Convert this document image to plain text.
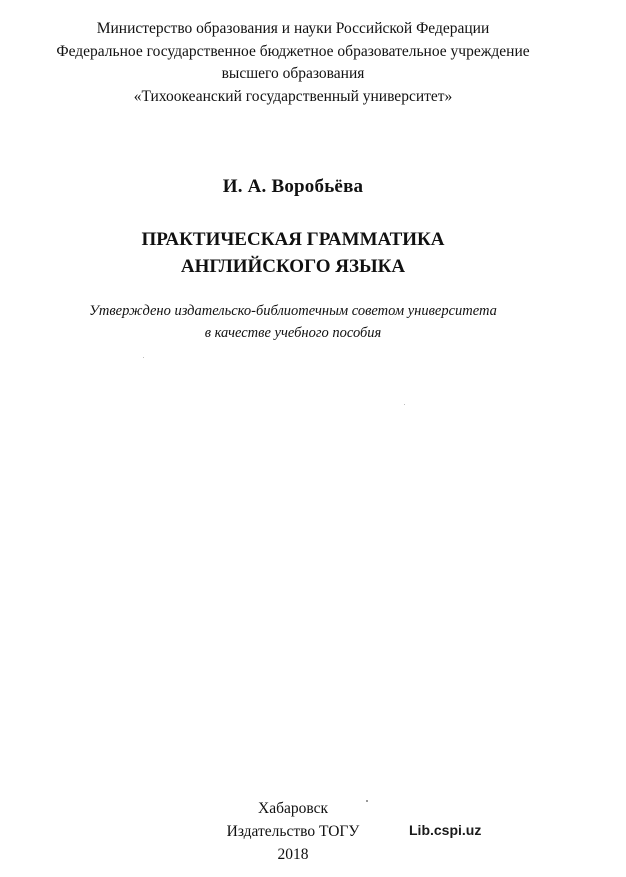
Министерство образования и науки Российской Федерации
Федеральное государственное бюджетное образовательное учреждение
высшего образования
«Тихоокеанский государственный университет»
И. А. Воробьёва
ПРАКТИЧЕСКАЯ ГРАММАТИКА
АНГЛИЙСКОГО ЯЗЫКА
Утверждено издательско-библиотечным советом университета
в качестве учебного пособия
Хабаровск
Издательство ТОГУ
2018
Lib.cspi.uz
